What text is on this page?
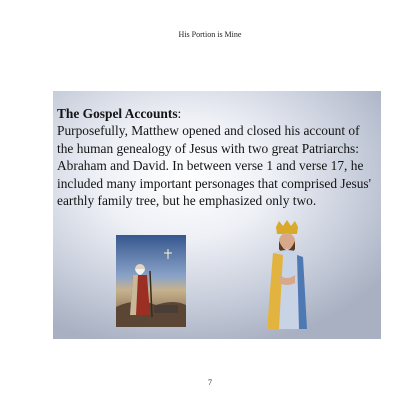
His Portion is Mine
The Gospel Accounts:
Purposefully, Matthew opened and closed his account of the human genealogy of Jesus with two great Patriarchs: Abraham and David. In between verse 1 and verse 17, he included many important personages that comprised Jesus' earthly family tree, but he emphasized only two.
7
